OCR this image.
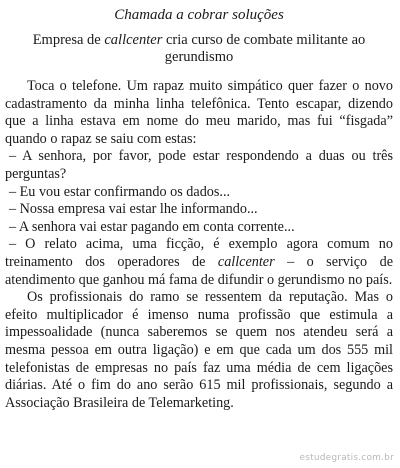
Chamada a cobrar soluções
Empresa de callcenter cria curso de combate militante ao gerundismo

Toca o telefone. Um rapaz muito simpático quer fazer o novo cadastramento da minha linha telefônica. Tento escapar, dizendo que a linha estava em nome do meu marido, mas fui “fisgada” quando o rapaz se saiu com estas:

– A senhora, por favor, pode estar respondendo a duas ou três perguntas?

– Eu vou estar confirmando os dados...

– Nossa empresa vai estar lhe informando...

– A senhora vai estar pagando em conta corrente...

– O relato acima, uma ficção, é exemplo agora comum no treinamento dos operadores de callcenter – o serviço de atendimento que ganhou má fama de difundir o gerundismo no país.

Os profissionais do ramo se ressentem da reputação. Mas o efeito multiplicador é imenso numa profissão que estimula a impessoalidade (nunca saberemos se quem nos atendeu será a mesma pessoa em outra ligação) e em que cada um dos 555 mil telefonistas de empresas no país faz uma média de cem ligações diárias. Até o fim do ano serão 615 mil profissionais, segundo a Associação Brasileira de Telemarketing.

estudegratis.com.br
